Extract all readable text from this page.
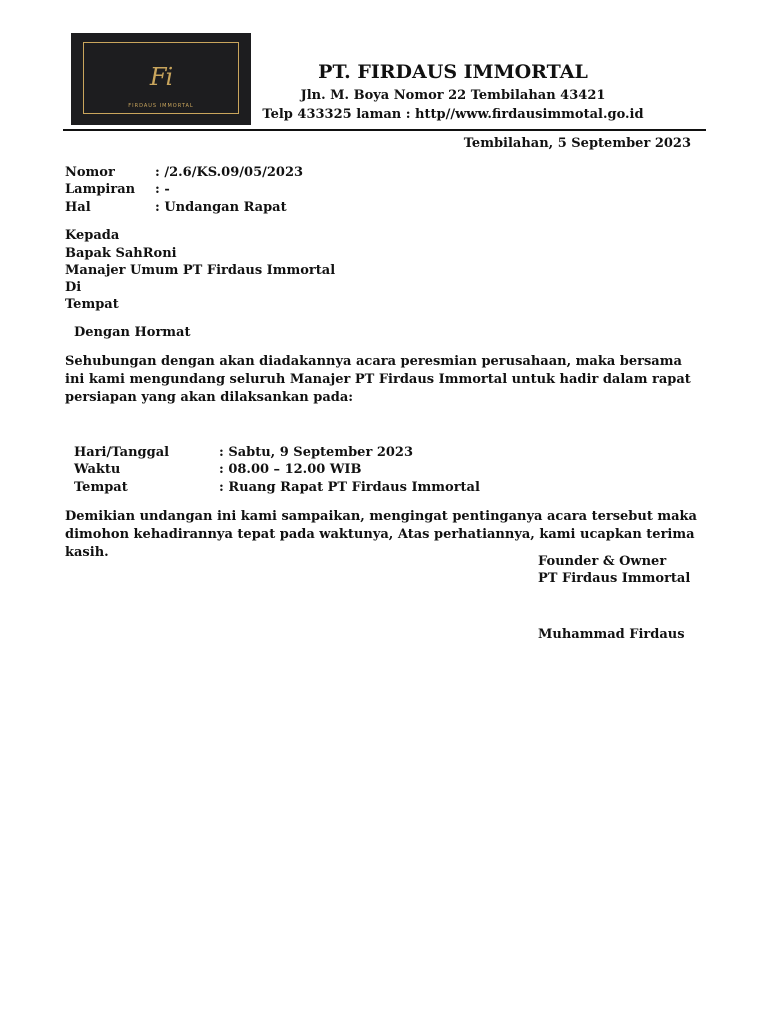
Fi
FIRDAUS IMMORTAL
PT. FIRDAUS IMMORTAL
Jln. M. Boya Nomor 22 Tembilahan 43421
Telp 433325 laman : http//www.firdausimmotal.go.id
Tembilahan, 5 September 2023
Nomor	: /2.6/KS.09/05/2023
Lampiran : -
Hal	: Undangan Rapat
Kepada
Bapak SahRoni
Manajer Umum PT Firdaus Immortal
Di
Tempat
Dengan Hormat

Sehubungan dengan akan diadakannya acara peresmian perusahaan, maka bersama ini kami mengundang seluruh Manajer PT Firdaus Immortal untuk hadir dalam rapat persiapan yang akan dilaksankan pada:

Hari/Tanggal	: Sabtu, 9 September 2023
Waktu	: 08.00 – 12.00 WIB
Tempat	: Ruang Rapat PT Firdaus Immortal

Demikian undangan ini kami sampaikan, mengingat pentinganya acara tersebut maka dimohon kehadirannya tepat pada waktunya, Atas perhatiannya, kami ucapkan terima kasih.

Founder & Owner
PT Firdaus Immortal
Muhammad Firdaus
